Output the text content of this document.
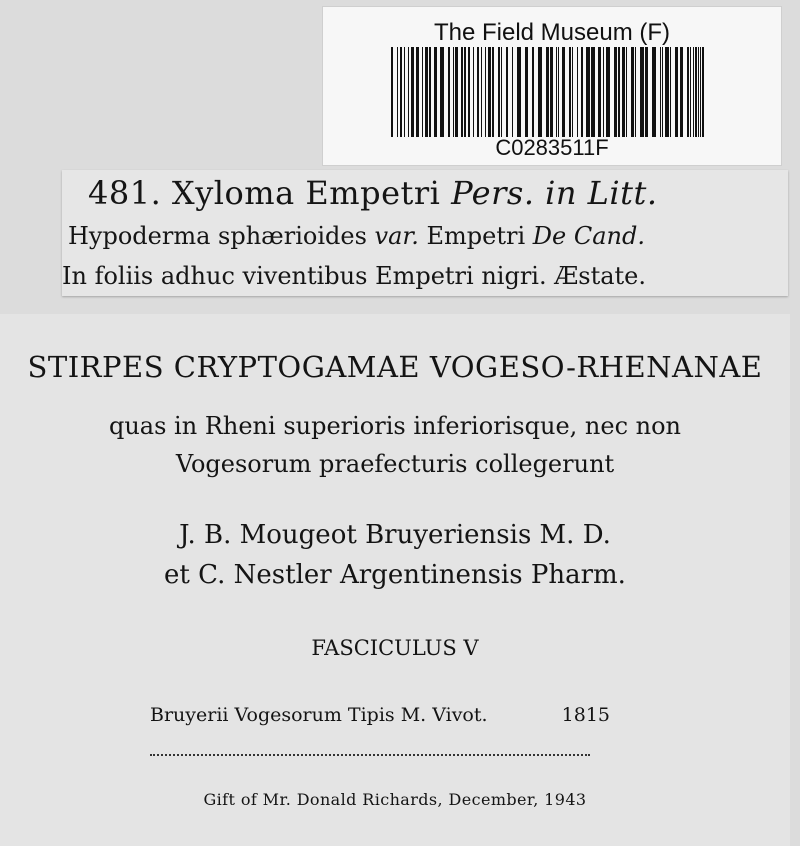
The Field Museum (F)
C0283511F
481. Xyloma Empetri Pers. in Litt.
Hypoderma sphærioides var. Empetri De Cand.
In foliis adhuc viventibus Empetri nigri. Æstate.
STIRPES CRYPTOGAMAE VOGESO-RHENANAE
quas in Rheni superioris inferiorisque, nec non
Vogesorum praefecturis collegerunt
J. B. Mougeot Bruyeriensis M. D.
et C. Nestler Argentinensis Pharm.
FASCICULUS V
Bruyerii Vogesorum Tipis M. Vivot.	1815
Gift of Mr. Donald Richards, December, 1943
